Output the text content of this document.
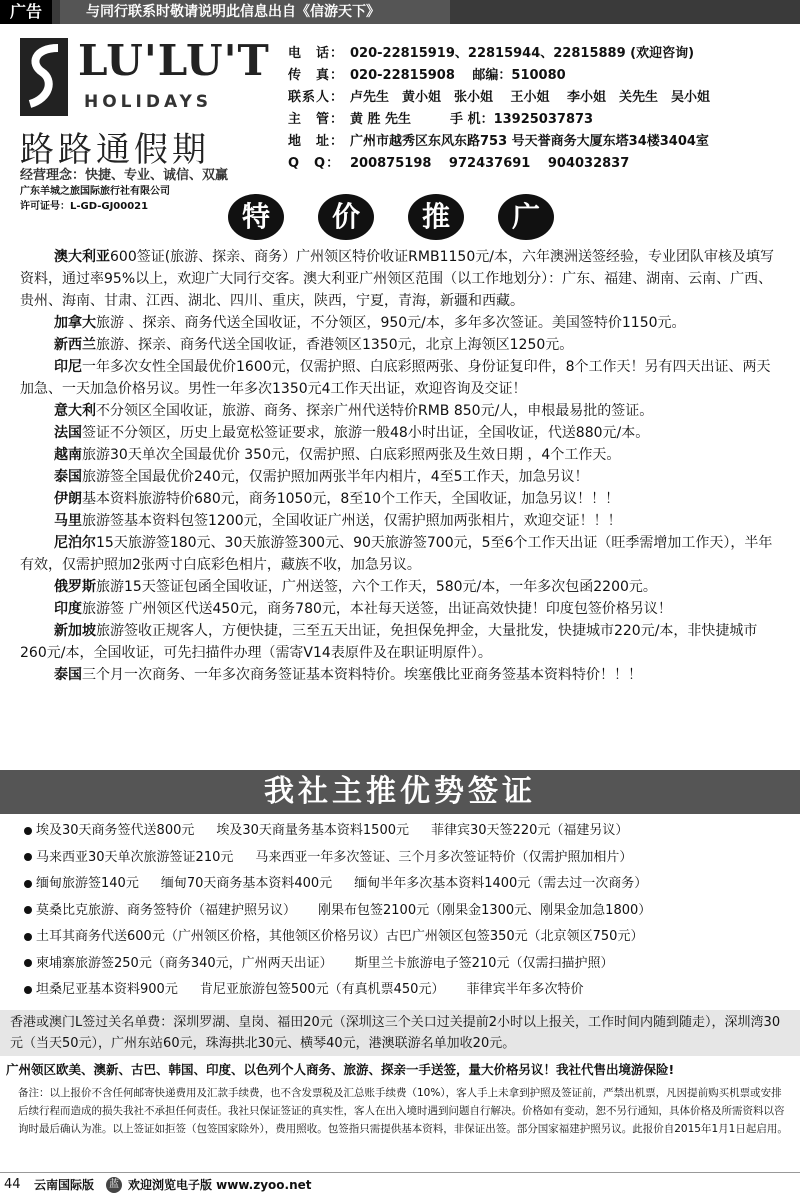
广告	与同行联系时敬请说明此信息出自《信游天下》
LU'LU'T
HOLIDAYS
路路通假期
经营理念：快捷、专业、诚信、双赢
广东羊城之旅国际旅行社有限公司
许可证号：L-GD-GJ00021
电　话： 020-22815919、22815944、22815889 (欢迎咨询)
传　真： 020-22815908　 邮编：510080
联系人： 卢先生　黄小姐　张小姐　 王小姐　 李小姐　关先生　吴小姐
主　管： 黄 胜 先生　　　手 机：13925037873
地　址： 广州市越秀区东风东路753 号天誉商务大厦东塔34楼3404室
Q　Q： 200875198　 972437691　 904032837
特	价	推	广

澳大利亚600签证(旅游、探亲、商务）广州领区特价收证RMB1150元/本，六年澳洲送签经验，专业团队审核及填写资料，通过率95%以上，欢迎广大同行交客。澳大利亚广州领区范围（以工作地划分）：广东、福建、湖南、云南、广西、贵州、海南、甘肃、江西、湖北、四川、重庆，陕西，宁夏，青海，新疆和西藏。

加拿大旅游 、探亲、商务代送全国收证，不分领区，950元/本，多年多次签证。美国签特价1150元。

新西兰旅游、探亲、商务代送全国收证，香港领区1350元，北京上海领区1250元。

印尼一年多次女性全国最优价1600元，仅需护照、白底彩照两张、身份证复印件，8个工作天！另有四天出证、两天加急、一天加急价格另议。男性一年多次1350元4工作天出证，欢迎咨询及交证！

意大利不分领区全国收证，旅游、商务、探亲广州代送特价RMB 850元/人，申根最易批的签证。

法国签证不分领区，历史上最宽松签证要求，旅游一般48小时出证，全国收证，代送880元/本。

越南旅游30天单次全国最优价 350元，仅需护照、白底彩照两张及生效日期 ，4个工作天。

泰国旅游签全国最优价240元，仅需护照加两张半年内相片，4至5工作天，加急另议！

伊朗基本资料旅游特价680元，商务1050元，8至10个工作天，全国收证，加急另议！！！

马里旅游签基本资料包签1200元，全国收证广州送，仅需护照加两张相片，欢迎交证！！！

尼泊尔15天旅游签180元、30天旅游签300元、90天旅游签700元，5至6个工作天出证（旺季需增加工作天），半年有效，仅需护照加2张两寸白底彩色相片，藏族不收，加急另议。

俄罗斯旅游15天签证包函全国收证，广州送签，六个工作天，580元/本，一年多次包函2200元。

印度旅游签 广州领区代送450元，商务780元，本社每天送签，出证高效快捷！印度包签价格另议！

新加坡旅游签收正规客人，方便快捷，三至五天出证，免担保免押金，大量批发，快捷城市220元/本，非快捷城市260元/本，全国收证，可先扫描件办理（需寄V14表原件及在职证明原件）。

泰国三个月一次商务、一年多次商务签证基本资料特价。埃塞俄比亚商务签基本资料特价！！！

我社主推优势签证
埃及30天商务签代送800元 埃及30天商量务基本资料1500元 菲律宾30天签220元（福建另议）
马来西亚30天单次旅游签证210元 马来西亚一年多次签证、三个月多次签证特价（仅需护照加相片）
缅甸旅游签140元 缅甸70天商务基本资料400元 缅甸半年多次基本资料1400元（需去过一次商务）
莫桑比克旅游、商务签特价（福建护照另议） 刚果布包签2100元（刚果金1300元、刚果金加急1800）
土耳其商务代送600元（广州领区价格，其他领区价格另议）古巴广州领区包签350元（北京领区750元）
柬埔寨旅游签250元（商务340元，广州两天出证） 斯里兰卡旅游电子签210元（仅需扫描护照）
坦桑尼亚基本资料900元 肯尼亚旅游包签500元（有真机票450元） 菲律宾半年多次特价
香港或澳门L签过关名单费：深圳罗湖、皇岗、福田20元（深圳这三个关口过关提前2小时以上报关，工作时间内随到随走），深圳湾30元（当天50元），广州东站60元，珠海拱北30元、横琴40元，港澳联游名单加收20元。
广州领区欧美、澳新、古巴、韩国、印度、以色列个人商务、旅游、探亲一手送签，量大价格另议！我社代售出境游保险!
备注：以上报价不含任何邮寄快递费用及汇款手续费，也不含发票税及汇总账手续费（10%），客人手上未拿到护照及签证前，严禁出机票，凡因提前购买机票或安排后续行程而造成的损失我社不承担任何责任。我社只保证签证的真实性，客人在出入境时遇到问题自行解决。价格如有变动，恕不另行通知，具体价格及所需资料以咨询时最后确认为准。以上签证如拒签（包签国家除外），费用照收。包签指只需提供基本资料，非保证出签。部分国家福建护照另议。此报价自2015年1月1日起启用。
44 云南国际版	蓝 欢迎浏览电子版 www.zyoo.net
